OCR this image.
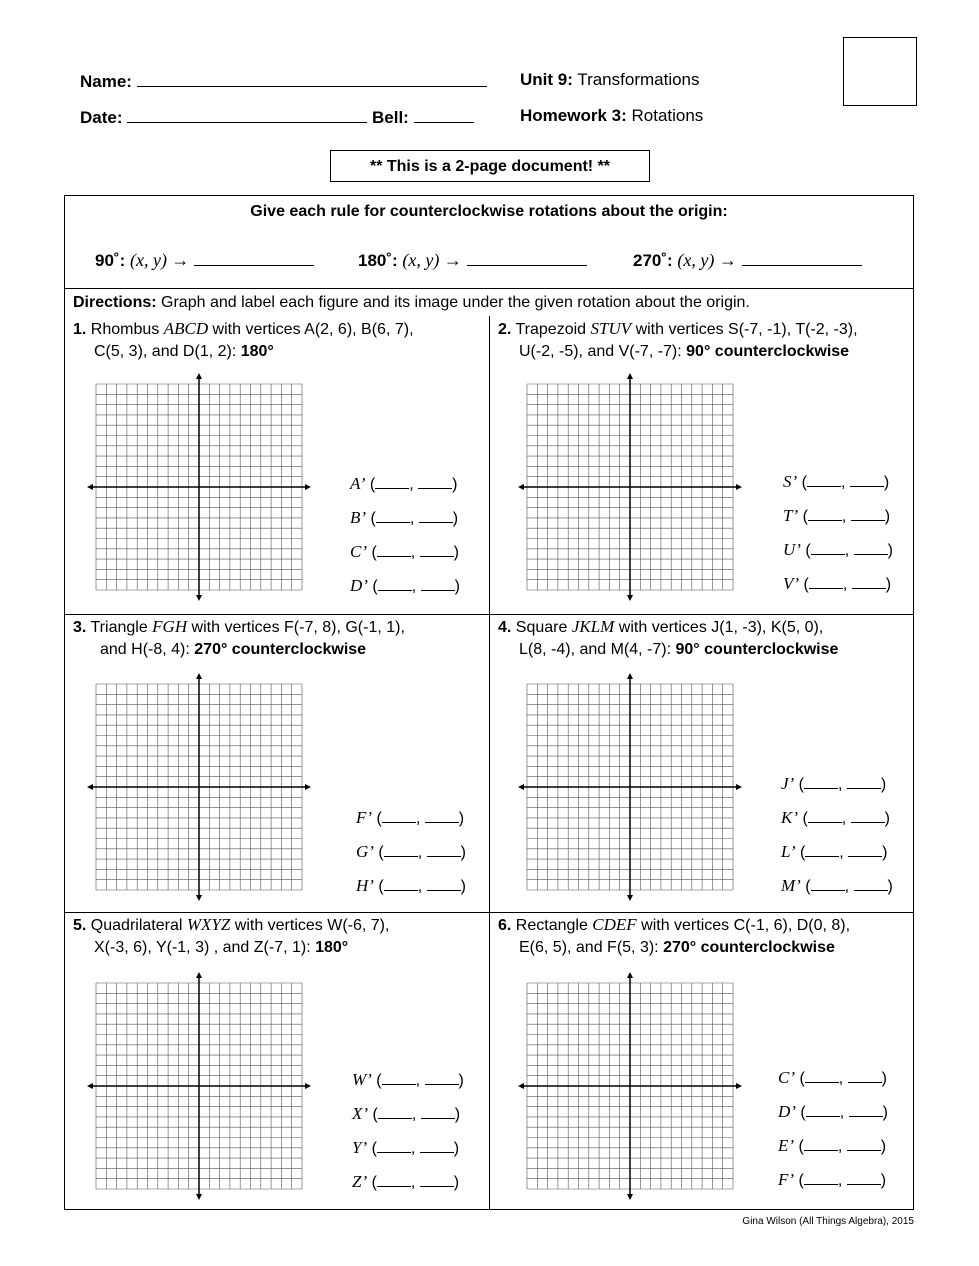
Name:
Date:	Bell:
Unit 9: Transformations
Homework 3: Rotations
** This is a 2-page document! **
Give each rule for counterclockwise rotations about the origin:
90˚: (x, y) →	180˚: (x, y) →	270˚: (x, y) →
Directions: Graph and label each figure and its image under the given rotation about the origin.
1. Rhombus ABCD with vertices A(2, 6), B(6, 7),
C(5, 3), and D(1, 2): 180°
2. Trapezoid STUV with vertices S(-7, -1), T(-2, -3),
U(-2, -5), and V(-7, -7): 90° counterclockwise
3. Triangle FGH with vertices F(-7, 8), G(-1, 1),
and H(-8, 4): 270° counterclockwise
4. Square JKLM with vertices J(1, -3), K(5, 0),
L(8, -4), and M(4, -7): 90° counterclockwise
5. Quadrilateral WXYZ with vertices W(-6, 7),
X(-3, 6), Y(-1, 3) , and Z(-7, 1): 180°
6. Rectangle CDEF with vertices C(-1, 6), D(0, 8),
E(6, 5), and F(5, 3): 270° counterclockwise
A’ ( , )
B’ ( , )
C’ ( , )
D’ ( , )
S’ ( , )
T’ ( , )
U’ ( , )
V’ ( , )
F’ ( , )
G’ ( , )
H’ ( , )
J’ ( , )
K’ ( , )
L’ ( , )
M’ ( , )
W’ ( , )
X’ ( , )
Y’ ( , )
Z’ ( , )
C’ ( , )
D’ ( , )
E’ ( , )
F’ ( , )
Gina Wilson (All Things Algebra), 2015
